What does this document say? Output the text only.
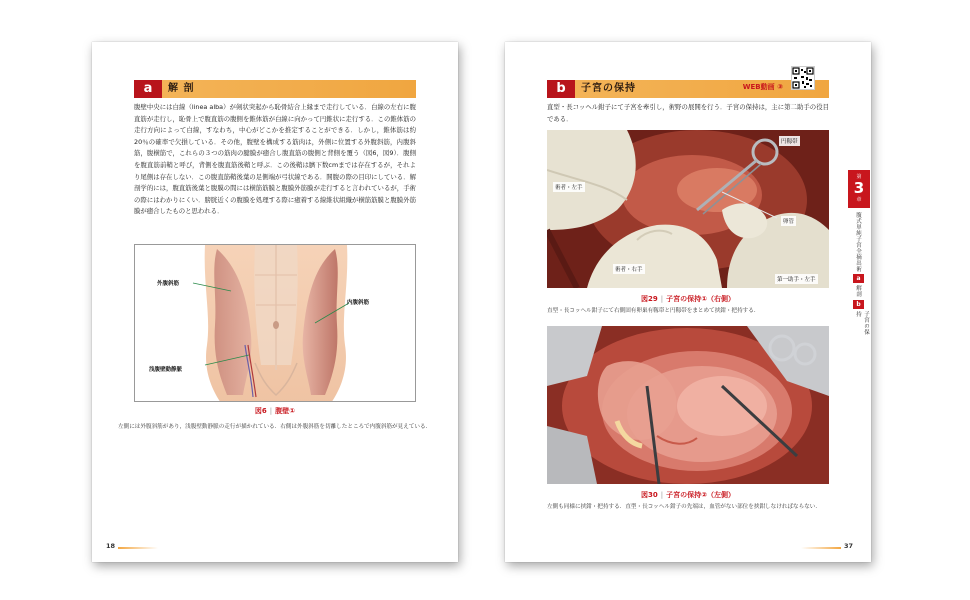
a	解 剖
腹壁中央には白線（linea alba）が剣状突起から恥骨結合上縁まで走行している．白線の左右に腹直筋が走行し，恥骨上で腹直筋の腹側を錐体筋が白線に向かって円錐状に走行する．この錐体筋の走行方向によって白線，すなわち，中心がどこかを推定することができる．しかし，錐体筋は約20％の確率で欠損している．その他，腹壁を構成する筋肉は，外側に位置する外腹斜筋，内腹斜筋，腹横筋で，これらの３つの筋肉の腱膜が癒合し腹直筋の腹側と背側を覆う（図6，図9）．腹側を腹直筋前鞘と呼び，背側を腹直筋後鞘と呼ぶ．この後鞘は臍下数cmまでは存在するが，それより尾側は存在しない．この腹直筋鞘後葉の足側端が弓状線である．開腹の際の目印にしている．解剖学的には，腹直筋後葉と腹膜の間には横筋筋膜と腹膜外筋膜が走行すると言われているが，手術の際にはわかりにくい．膀胱近くの腹膜を処理する際に癒着する線維状組織が横筋筋膜と腹膜外筋膜が癒合したものと思われる．
外腹斜筋
内腹斜筋
浅腹壁動静脈
図6 | 腹壁①
左側には外腹斜筋があり，浅腹壁動静脈の走行が描かれている．右側は外腹斜筋を切離したところで内腹斜筋が見えている．
18
b	子宮の保持	WEB動画 ③
直型・長コッヘル鉗子にて子宮を牽引し，術野の展開を行う．子宮の保持は，主に第二助手の役目である．
円靱帯
卵管
術者・左手
術者・右手
第一助手・左手
図29 | 子宮の保持①（右側）
直型・長コッヘル鉗子にて右側固有卵巣有靱帯と円靱帯をまとめて挟鉗・把持する．
図30 | 子宮の保持②（左側）
左側も同様に挟鉗・把持する．直型・長コッヘル鉗子の先端は，血管がない部位を挟鉗しなければならない．
37
第
3
章
腹式単純子宮全摘出術
a
解剖
b
子宮の保持
